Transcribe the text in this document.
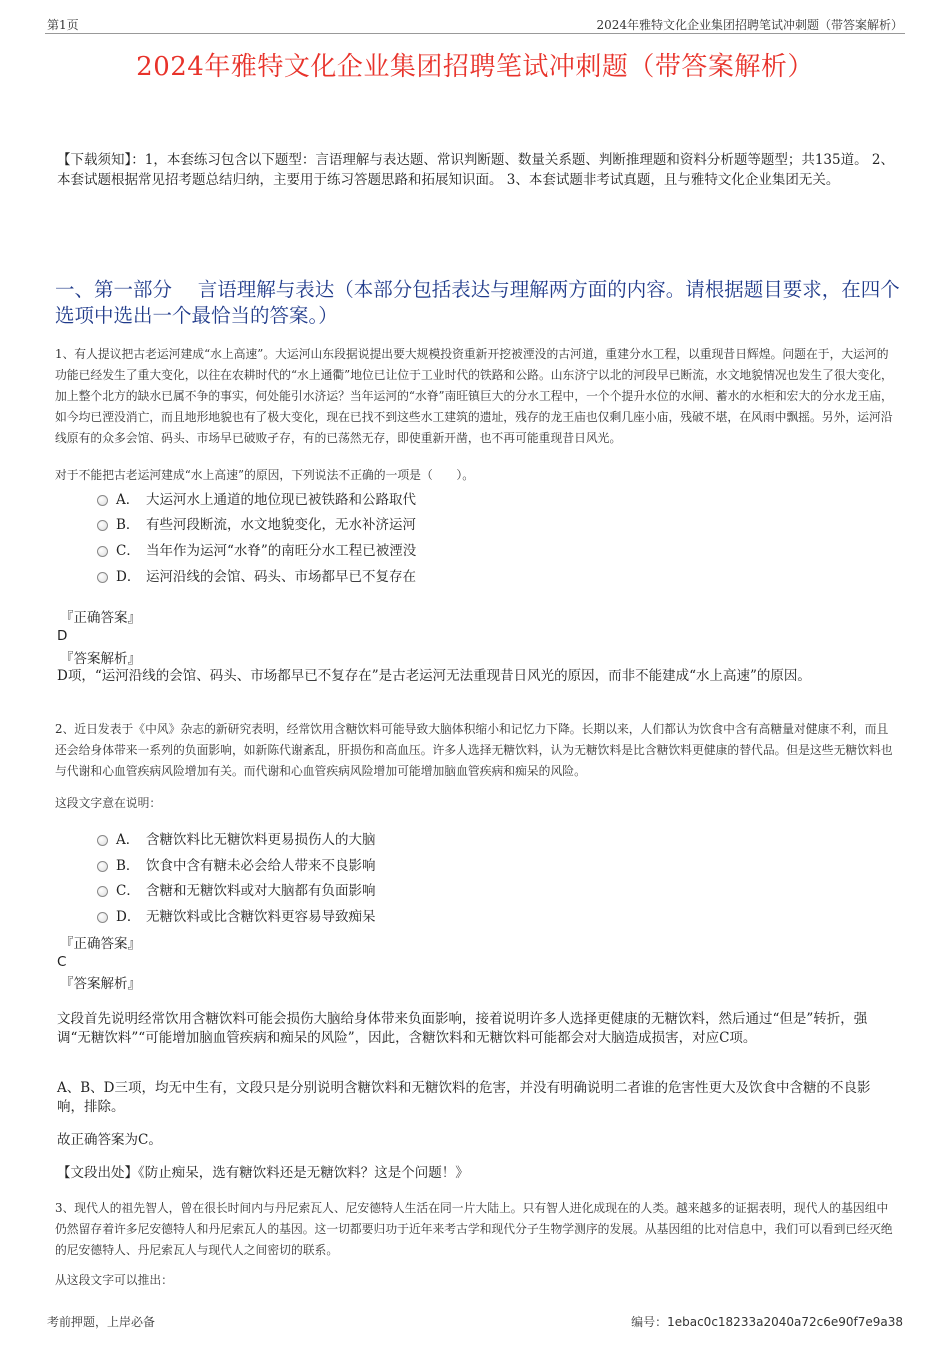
第1页	2024年雅特文化企业集团招聘笔试冲刺题（带答案解析）
2024年雅特文化企业集团招聘笔试冲刺题（带答案解析）
【下载须知】：1，本套练习包含以下题型：言语理解与表达题、常识判断题、数量关系题、判断推理题和资料分析题等题型；共135道。 2、本套试题根据常见招考题总结归纳，主要用于练习答题思路和拓展知识面。 3、本套试题非考试真题，且与雅特文化企业集团无关。
一、第一部分　 言语理解与表达（本部分包括表达与理解两方面的内容。请根据题目要求，在四个选项中选出一个最恰当的答案。）
1、有人提议把古老运河建成“水上高速”。大运河山东段据说提出要大规模投资重新开挖被湮没的古河道，重建分水工程，以重现昔日辉煌。问题在于，大运河的功能已经发生了重大变化，以往在农耕时代的“水上通衢”地位已让位于工业时代的铁路和公路。山东济宁以北的河段早已断流，水文地貌情况也发生了很大变化，加上整个北方的缺水已属不争的事实，何处能引水济运？当年运河的“水脊”南旺镇巨大的分水工程中，一个个提升水位的水闸、蓄水的水柜和宏大的分水龙王庙，如今均已湮没消亡，而且地形地貌也有了极大变化，现在已找不到这些水工建筑的遗址，残存的龙王庙也仅剩几座小庙，残破不堪，在风雨中飘摇。另外，运河沿线原有的众多会馆、码头、市场早已破败孑存，有的已荡然无存，即使重新开凿，也不再可能重现昔日风光。
对于不能把古老运河建成“水上高速”的原因，下列说法不正确的一项是（　　）。
A． 大运河水上通道的地位现已被铁路和公路取代
B． 有些河段断流，水文地貌变化，无水补济运河
C． 当年作为运河“水脊”的南旺分水工程已被湮没
D． 运河沿线的会馆、码头、市场都早已不复存在
『正确答案』
D
『答案解析』
D项，“运河沿线的会馆、码头、市场都早已不复存在”是古老运河无法重现昔日风光的原因，而非不能建成“水上高速”的原因。
2、近日发表于《中风》杂志的新研究表明，经常饮用含糖饮料可能导致大脑体积缩小和记忆力下降。长期以来，人们都认为饮食中含有高糖量对健康不利，而且还会给身体带来一系列的负面影响，如新陈代谢紊乱，肝损伤和高血压。许多人选择无糖饮料，认为无糖饮料是比含糖饮料更健康的替代品。但是这些无糖饮料也与代谢和心血管疾病风险增加有关。而代谢和心血管疾病风险增加可能增加脑血管疾病和痴呆的风险。
这段文字意在说明：
A． 含糖饮料比无糖饮料更易损伤人的大脑
B． 饮食中含有糖未必会给人带来不良影响
C． 含糖和无糖饮料或对大脑都有负面影响
D． 无糖饮料或比含糖饮料更容易导致痴呆
『正确答案』
C
『答案解析』
文段首先说明经常饮用含糖饮料可能会损伤大脑给身体带来负面影响，接着说明许多人选择更健康的无糖饮料，然后通过“但是”转折，强调“无糖饮料”“可能增加脑血管疾病和痴呆的风险”，因此，含糖饮料和无糖饮料可能都会对大脑造成损害，对应C项。
A、B、D三项，均无中生有，文段只是分别说明含糖饮料和无糖饮料的危害，并没有明确说明二者谁的危害性更大及饮食中含糖的不良影响，排除。
故正确答案为C。
【文段出处】《防止痴呆，选有糖饮料还是无糖饮料？这是个问题！》
3、现代人的祖先智人，曾在很长时间内与丹尼索瓦人、尼安德特人生活在同一片大陆上。只有智人进化成现在的人类。越来越多的证据表明，现代人的基因组中仍然留存着许多尼安德特人和丹尼索瓦人的基因。这一切都要归功于近年来考古学和现代分子生物学测序的发展。从基因组的比对信息中，我们可以看到已经灭绝的尼安德特人、丹尼索瓦人与现代人之间密切的联系。
从这段文字可以推出：
考前押题，上岸必备	编号：1ebac0c18233a2040a72c6e90f7e9a38
